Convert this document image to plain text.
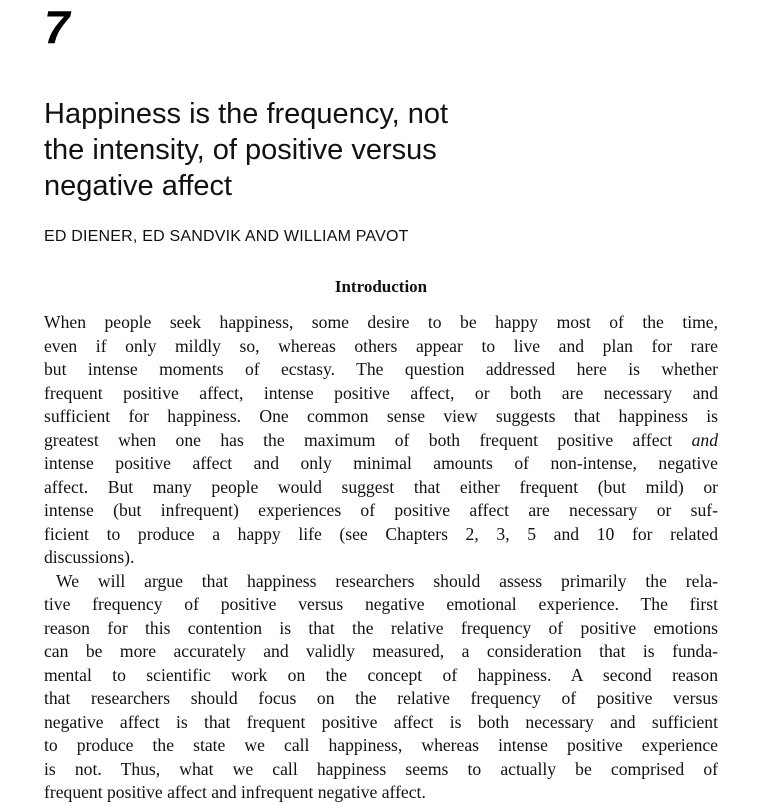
7
Happiness is the frequency, not
the intensity, of positive versus
negative affect
ED DIENER, ED SANDVIK AND WILLIAM PAVOT
Introduction
When people seek happiness, some desire to be happy most of the time,
even if only mildly so, whereas others appear to live and plan for rare
but intense moments of ecstasy. The question addressed here is whether
frequent positive affect, intense positive affect, or both are necessary and
sufficient for happiness. One common sense view suggests that happiness is
greatest when one has the maximum of both frequent positive affect and
intense positive affect and only minimal amounts of non-intense, negative
affect. But many people would suggest that either frequent (but mild) or
intense (but infrequent) experiences of positive affect are necessary or suf-
ficient to produce a happy life (see Chapters 2, 3, 5 and 10 for related
discussions).
We will argue that happiness researchers should assess primarily the rela-
tive frequency of positive versus negative emotional experience. The first
reason for this contention is that the relative frequency of positive emotions
can be more accurately and validly measured, a consideration that is funda-
mental to scientific work on the concept of happiness. A second reason
that researchers should focus on the relative frequency of positive versus
negative affect is that frequent positive affect is both necessary and sufficient
to produce the state we call happiness, whereas intense positive experience
is not. Thus, what we call happiness seems to actually be comprised of
frequent positive affect and infrequent negative affect.
